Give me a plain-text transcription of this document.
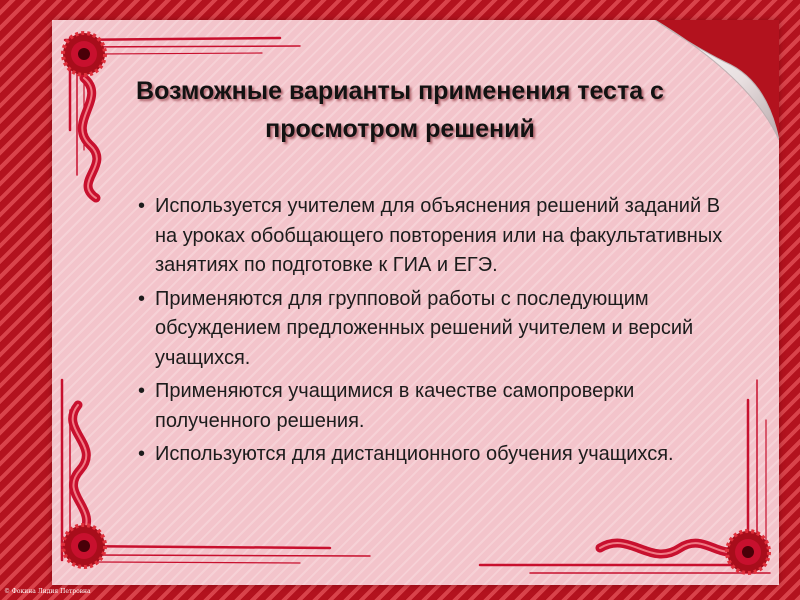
Возможные варианты применения теста с просмотром решений
• Используется учителем для объяснения решений заданий В на уроках обобщающего повторения или на факультативных занятиях по подготовке к ГИА и ЕГЭ.
• Применяются для групповой работы с последующим обсуждением предложенных решений учителем и версий учащихся.
• Применяются учащимися в качестве самопроверки полученного решения.
• Используются для дистанционного обучения учащихся.
© Фокина Лидия Петровна
